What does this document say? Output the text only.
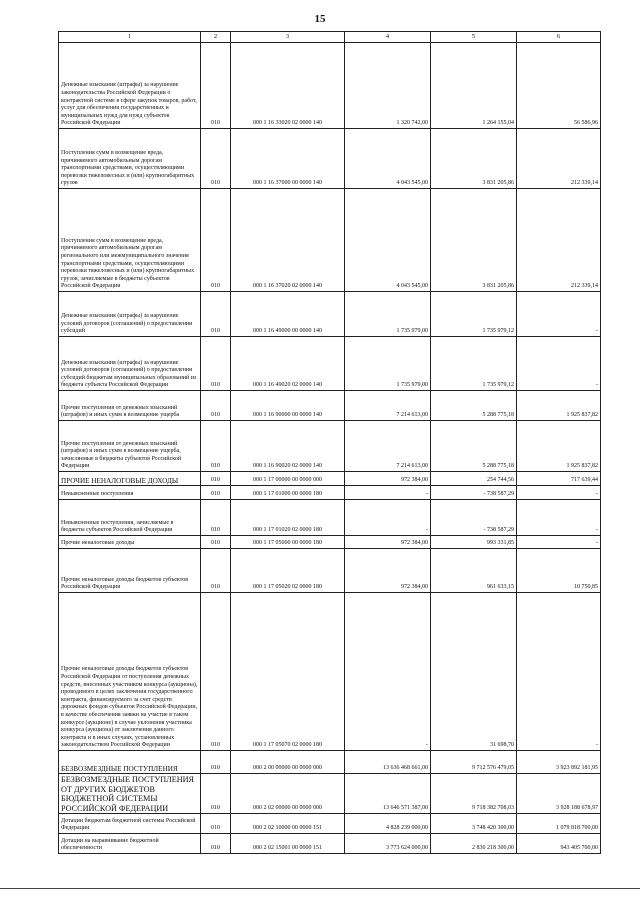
15
1	2	3	4	5	6
Денежные взыскания (штрафы) за нарушение законодательства Российской Федерации о контрактной системе в сфере закупок товаров, работ, услуг для обеспечения государственных и муниципальных нужд для нужд субъектов Российской Федерации	010	000 1 16 33020 02 0000 140	1 320 742,00	1 264 155,04	56 586,96
Поступления сумм в возмещение вреда, причиняемого автомобильным дорогам транспортными средствами, осуществляющими перевозки тяжеловесных и (или) крупногабаритных грузов	010	000 1 16 37000 00 0000 140	4 043 545,00	3 831 205,86	212 339,14
Поступления сумм в возмещение вреда, причиняемого автомобильным дорогам регионального или межмуниципального значения транспортными средствами, осуществляющими перевозки тяжеловесных и (или) крупногабаритных грузов, зачисляемые в бюджеты субъектов Российской Федерации	010	000 1 16 37020 02 0000 140	4 043 545,00	3 831 205,86	212 339,14
Денежные взыскания (штрафы) за нарушение условий договоров (соглашений) о предоставлении субсидий	010	000 1 16 49000 00 0000 140	1 735 979,00	1 735 979,12	-
Денежные взыскания (штрафы) за нарушение условий договоров (соглашений) о предоставлении субсидий бюджетам муниципальных образований из бюджета субъекта Российской Федерации	010	000 1 16 49020 02 0000 140	1 735 979,00	1 735 979,12	-
Прочие поступления от денежных взысканий (штрафов) и иных сумм в возмещение ущерба	010	000 1 16 90000 00 0000 140	7 214 613,00	5 288 775,18	1 925 837,82
Прочие поступления от денежных взысканий (штрафов) и иных сумм в возмещение ущерба, зачисляемые в бюджеты субъектов Российской Федерации	010	000 1 16 90020 02 0000 140	7 214 613,00	5 288 775,18	1 925 837,82
ПРОЧИЕ НЕНАЛОГОВЫЕ ДОХОДЫ	010	000 1 17 00000 00 0000 000	972 384,00	254 744,56	717 639,44
Невыясненные поступления	010	000 1 17 01000 00 0000 180	-	- 738 587,29	-
Невыясненные поступления, зачисляемые в бюджеты субъектов Российской Федерации	010	000 1 17 01020 02 0000 180	-	- 738 587,29	-
Прочие неналоговые доходы	010	000 1 17 05000 00 0000 180	972 384,00	993 331,85	-
Прочие неналоговые доходы бюджетов субъектов Российской Федерации	010	000 1 17 05020 02 0000 180	972 384,00	961 633,15	10 750,85
Прочие неналоговые доходы бюджетов субъектов Российской Федерации от поступления денежных средств, внесенных участником конкурса (аукциона), проводимого в целях заключения государственного контракта, финансируемого за счет средств дорожных фондов субъектов Российской Федерации, в качестве обеспечения заявки на участие в таком конкурсе (аукционе) в случае уклонения участника конкурса (аукциона) от заключения данного контракта и в иных случаях, установленных законодательством Российской Федерации	010	000 1 17 05070 02 0000 180	-	31 698,70	-
БЕЗВОЗМЕЗДНЫЕ ПОСТУПЛЕНИЯ	010	000 2 00 00000 00 0000 000	13 636 468 661,00	9 712 576 479,05	3 923 892 181,95
БЕЗВОЗМЕЗДНЫЕ ПОСТУПЛЕНИЯ ОТ ДРУГИХ БЮДЖЕТОВ БЮДЖЕТНОЙ СИСТЕМЫ РОССИЙСКОЙ ФЕДЕРАЦИИ	010	000 2 02 00000 00 0000 000	13 646 571 387,00	9 718 382 708,03	3 928 188 678,97
Дотации бюджетам бюджетной системы Российской Федерации	010	000 2 02 10000 00 0000 151	4 828 239 000,00	3 748 420 300,00	1 079 818 700,00
Дотации на выравнивание бюджетной обеспеченности	010	000 2 02 15001 00 0000 151	3 773 624 000,00	2 830 218 300,00	943 405 700,00
